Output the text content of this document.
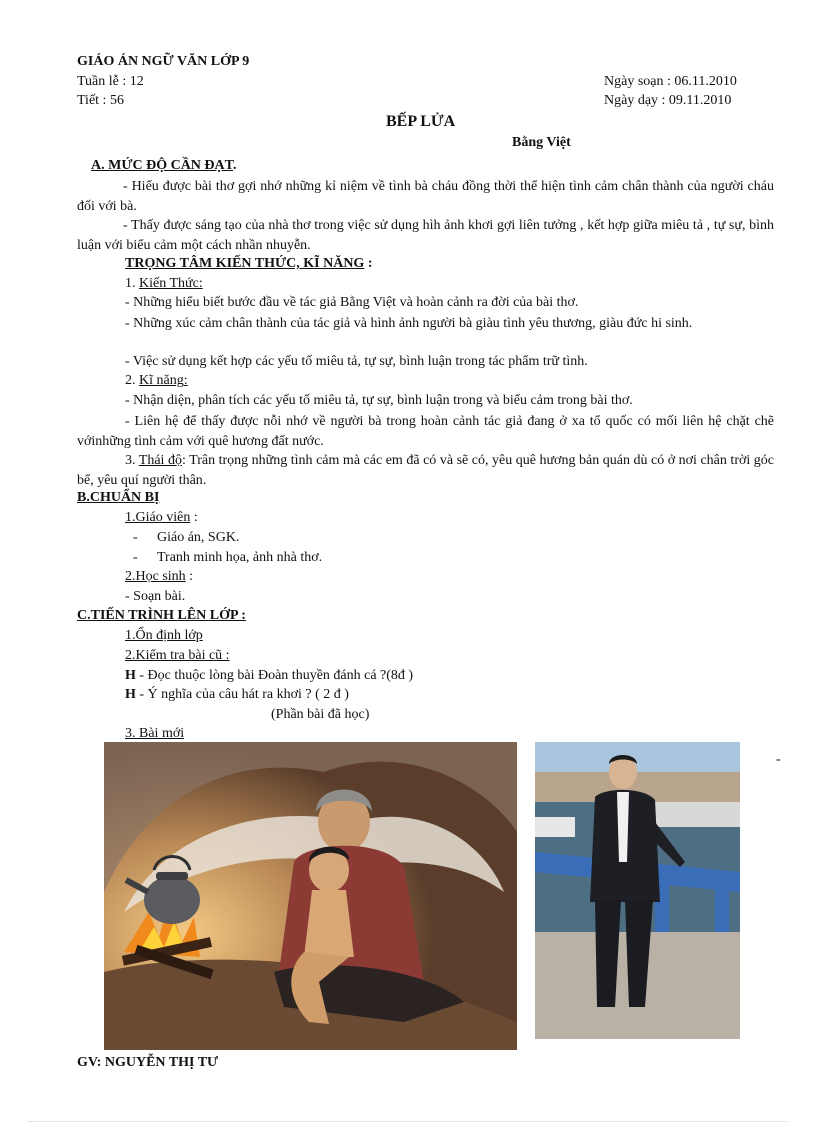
GIÁO ÁN NGỮ VĂN LỚP 9
Tuần lễ : 12	Ngày soạn : 06.11.2010
Tiết : 56	Ngày dạy : 09.11.2010
BẾP LỬA
Bằng Việt
A. MỨC ĐỘ CẦN ĐẠT.
- Hiểu được bài thơ gợi nhớ những kỉ niệm về tình bà cháu đồng thời thể hiện tình cảm chân thành của người cháu đối với bà.
- Thấy được sáng tạo của nhà thơ trong việc sử dụng hìh ảnh khơi gợi liên tưởng , kết hợp giữa miêu tả , tự sự, bình luận với biểu cảm một cách nhần nhuyễn.
TRỌNG TÂM KIẾN THỨC, KĨ NĂNG :
1. Kiến Thức:
- Những hiểu biết bước đầu về tác giả Bằng Việt và hoàn cảnh ra đời của bài thơ.
- Những xúc cảm chân thành của tác giả và hình ảnh người bà giàu tình yêu thương, giàu đức hi sinh.
- Việc sử dụng kết hợp các yếu tố miêu tả, tự sự, bình luận trong tác phẩm trữ tình.
2. Kĩ năng:
- Nhận diện, phân tích các yếu tố miêu tả, tự sự, bình luận trong và biểu cảm trong bài thơ.
- Liên hệ để thấy được nỗi nhớ về người bà trong hoàn cảnh tác giả đang ở xa tổ quốc có mối liên hệ chặt chẽ vớinhững tình cảm với quê hương đất nước.
3. Thái độ: Trân trọng những tình cảm mà các em đã có và sẽ có, yêu quê hương bản quán dù có ở nơi chân trời góc bể, yêu quí người thân.
B.CHUẨN BỊ
1.Giáo viên :
- Giáo án, SGK.
- Tranh minh họa, ảnh nhà thơ.
2.Học sinh :
- Soạn bài.
C.TIẾN TRÌNH LÊN LỚP :
1.Ổn định lớp
2.Kiểm tra bài cũ :
H - Đọc thuộc lòng bài Đoàn thuyền đánh cá ?(8đ )
H - Ý nghĩa của câu hát ra khơi ? ( 2 đ )
(Phần bài đã học)
3. Bài mới
-
GV: NGUYỄN THỊ TƯ
